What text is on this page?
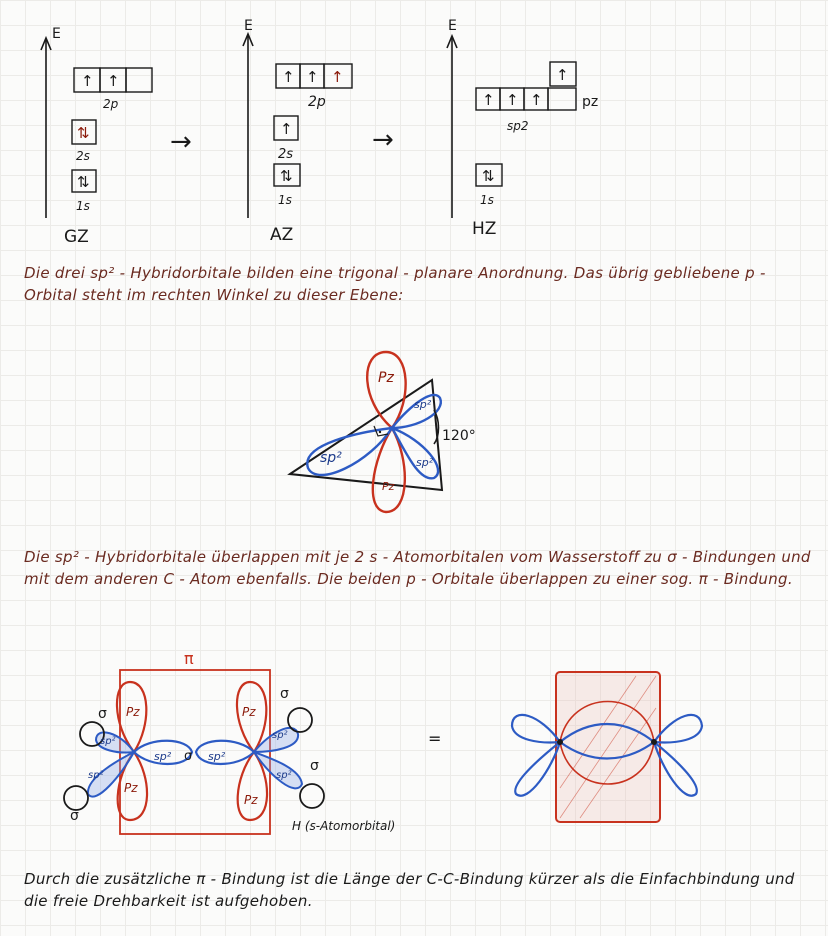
E
↑ ↑
2p
⇅
2s
⇅
1s
GZ
→
E
↑ ↑ ↑
2p
↑
2s
⇅
1s
AZ
→
E
↑
↑ ↑ ↑	pz
sp2
⇅
1s
HZ
Die drei sp² - Hybridorbitale bilden eine trigonal - planare Anordnung. Das übrig gebliebene p - Orbital steht im rechten Winkel zu dieser Ebene:
Pz
Pz
sp²
sp²
sp²
120°
Die sp² - Hybridorbitale überlappen mit je 2 s - Atomorbitalen vom Wasserstoff zu σ - Bindungen und mit dem anderen C - Atom ebenfalls. Die beiden p - Orbitale überlappen zu einer sog. π - Bindung.
π
Pz
Pz
Pz
Pz
sp²	sp²
sp²
sp²
sp²
sp²
σ
σ
σ
σ
σ
H (s-Atomorbital)
=
Durch die zusätzliche π - Bindung ist die Länge der C-C-Bindung kürzer als die Einfachbindung und die freie Drehbarkeit ist aufgehoben.
